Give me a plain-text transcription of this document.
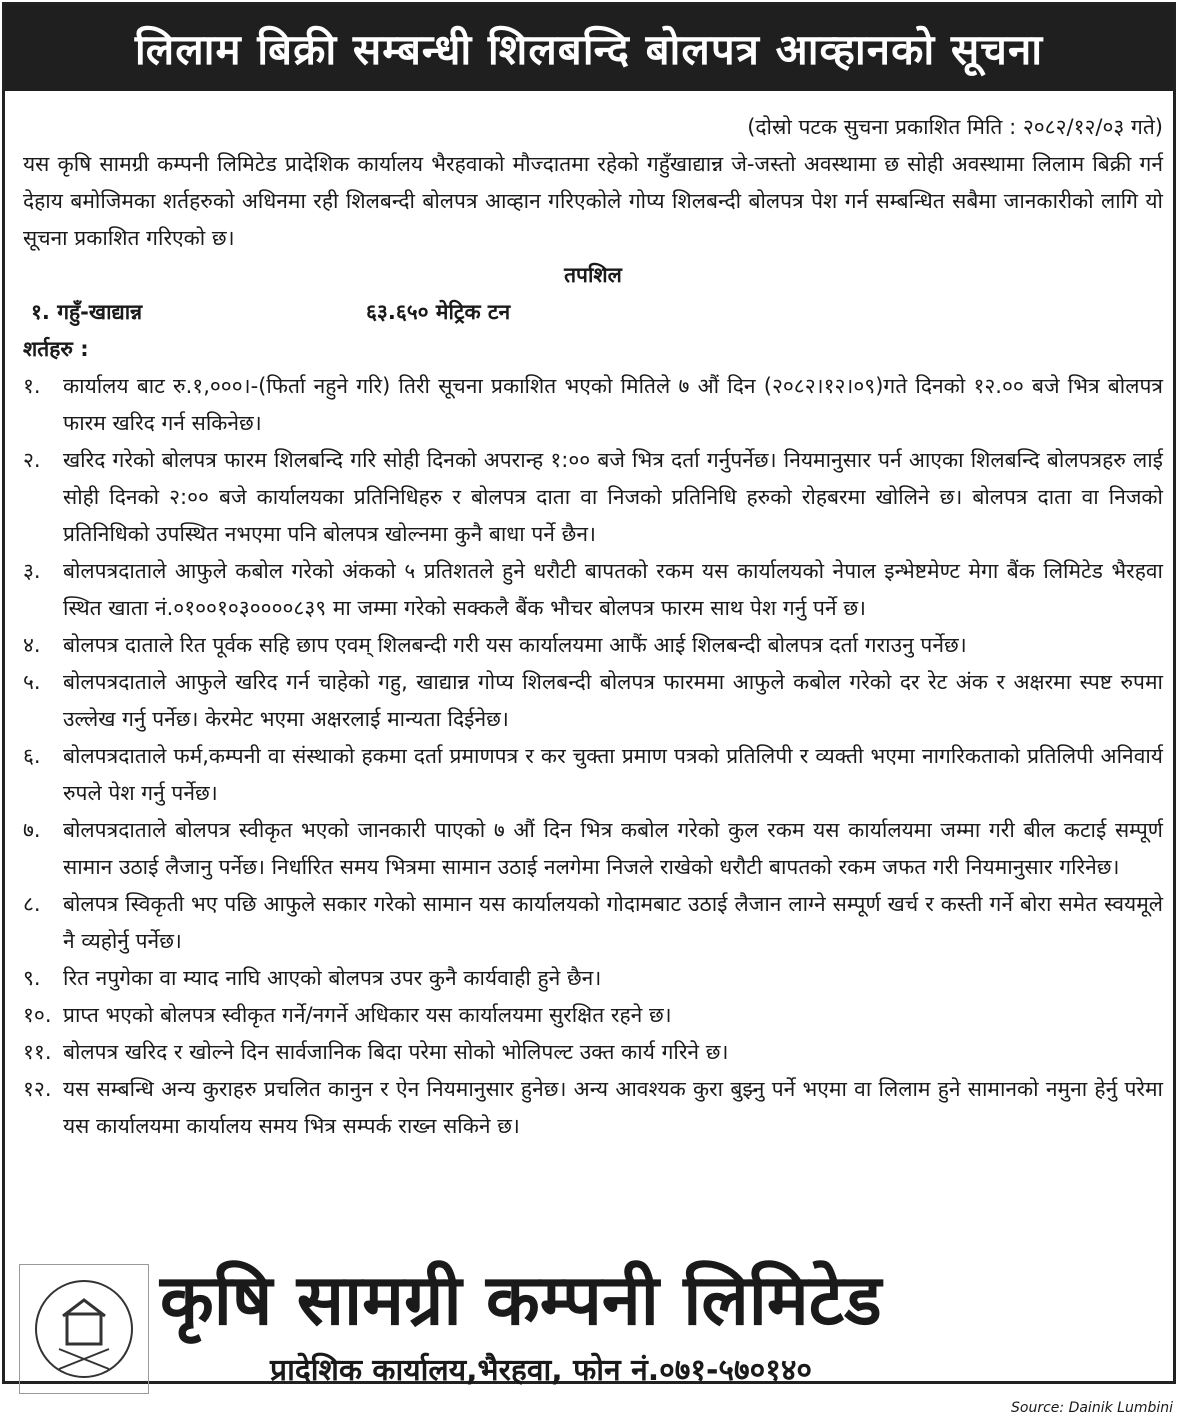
लिलाम बिक्री सम्बन्धी शिलबन्दि बोलपत्र आव्हानको सूचना
(दोस्रो पटक सुचना प्रकाशित मिति : २०८२/१२/०३ गते)
यस कृषि सामग्री कम्पनी लिमिटेड प्रादेशिक कार्यालय भैरहवाको मौज्दातमा रहेको गहुँखाद्यान्न जे-जस्तो अवस्थामा छ सोही अवस्थामा लिलाम बिक्री गर्न देहाय बमोजिमका शर्तहरुको अधिनमा रही शिलबन्दी बोलपत्र आव्हान गरिएकोले गोप्य शिलबन्दी बोलपत्र पेश गर्न सम्बन्धित सबैमा जानकारीको लागि यो सूचना प्रकाशित गरिएको छ।
तपशिल
१. गहुँ-खाद्यान्न	६३.६५० मेट्रिक टन
शर्तहरु :
१.	कार्यालय बाट रु.१,०००।-(फिर्ता नहुने गरि) तिरी सूचना प्रकाशित भएको मितिले ७ औं दिन (२०८२।१२।०९)गते दिनको १२.०० बजे भित्र बोलपत्र फारम खरिद गर्न सकिनेछ।
२.	खरिद गरेको बोलपत्र फारम शिलबन्दि गरि सोही दिनको अपरान्ह १:०० बजे भित्र दर्ता गर्नुपर्नेछ। नियमानुसार पर्न आएका शिलबन्दि बोलपत्रहरु लाई सोही दिनको २:०० बजे कार्यालयका प्रतिनिधिहरु र बोलपत्र दाता वा निजको प्रतिनिधि हरुको रोहबरमा खोलिने छ। बोलपत्र दाता वा निजको प्रतिनिधिको उपस्थित नभएमा पनि बोलपत्र खोल्नमा कुनै बाधा पर्ने छैन।
३.	बोलपत्रदाताले आफुले कबोल गरेको अंकको ५ प्रतिशतले हुने धरौटी बापतको रकम यस कार्यालयको नेपाल इन्भेष्टमेण्ट मेगा बैंक लिमिटेड भैरहवा स्थित खाता नं.०१००१०३००००८३९ मा जम्मा गरेको सक्कलै बैंक भौचर बोलपत्र फारम साथ पेश गर्नु पर्ने छ।
४.	बोलपत्र दाताले रित पूर्वक सहि छाप एवम् शिलबन्दी गरी यस कार्यालयमा आफैं आई शिलबन्दी बोलपत्र दर्ता गराउनु पर्नेछ।
५.	बोलपत्रदाताले आफुले खरिद गर्न चाहेको गहु, खाद्यान्न गोप्य शिलबन्दी बोलपत्र फारममा आफुले कबोल गरेको दर रेट अंक र अक्षरमा स्पष्ट रुपमा उल्लेख गर्नु पर्नेछ। केरमेट भएमा अक्षरलाई मान्यता दिईनेछ।
६.	बोलपत्रदाताले फर्म,कम्पनी वा संस्थाको हकमा दर्ता प्रमाणपत्र र कर चुक्ता प्रमाण पत्रको प्रतिलिपी र व्यक्ती भएमा नागरिकताको प्रतिलिपी अनिवार्य रुपले पेश गर्नु पर्नेछ।
७.	बोलपत्रदाताले बोलपत्र स्वीकृत भएको जानकारी पाएको ७ औं दिन भित्र कबोल गरेको कुल रकम यस कार्यालयमा जम्मा गरी बील कटाई सम्पूर्ण सामान उठाई लैजानु पर्नेछ। निर्धारित समय भित्रमा सामान उठाई नलगेमा निजले राखेको धरौटी बापतको रकम जफत गरी नियमानुसार गरिनेछ।
८.	बोलपत्र स्विकृती भए पछि आफुले सकार गरेको सामान यस कार्यालयको गोदामबाट उठाई लैजान लाग्ने सम्पूर्ण खर्च र कस्ती गर्ने बोरा समेत स्वयमूले नै व्यहोर्नु पर्नेछ।
९.	रित नपुगेका वा म्याद नाघि आएको बोलपत्र उपर कुनै कार्यवाही हुने छैन।
१०. प्राप्त भएको बोलपत्र स्वीकृत गर्ने/नगर्ने अधिकार यस कार्यालयमा सुरक्षित रहने छ।
११. बोलपत्र खरिद र खोल्ने दिन सार्वजानिक बिदा परेमा सोको भोलिपल्ट उक्त कार्य गरिने छ।
१२. यस सम्बन्धि अन्य कुराहरु प्रचलित कानुन र ऐन नियमानुसार हुनेछ। अन्य आवश्यक कुरा बुझ्नु पर्ने भएमा वा लिलाम हुने सामानको नमुना हेर्नु परेमा यस कार्यालयमा कार्यालय समय भित्र सम्पर्क राख्न सकिने छ।
कृषि सामग्री कम्पनी लिमिटेड
प्रादेशिक कार्यालय,भैरहवा, फोन नं.०७१-५७०१४०
Source: Dainik Lumbini
